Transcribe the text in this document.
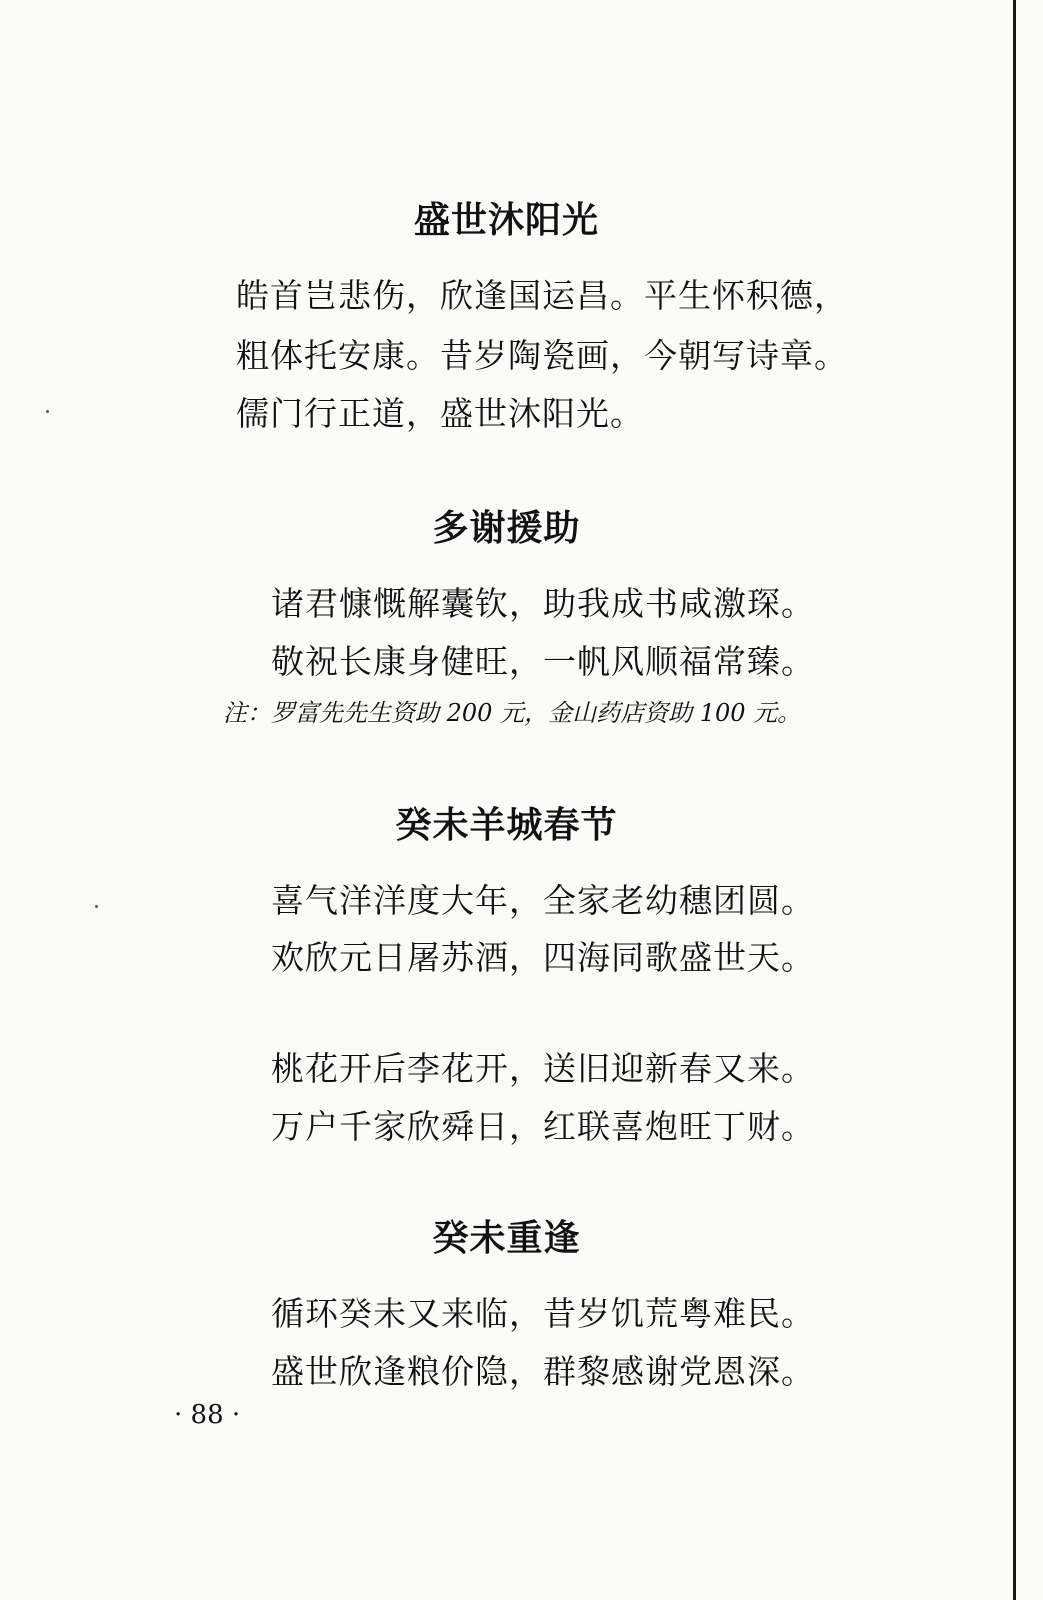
盛世沐阳光

皓首岂悲伤，欣逢国运昌。平生怀积德，

粗体托安康。昔岁陶瓷画，今朝写诗章。

儒门行正道，盛世沐阳光。

多谢援助

诸君慷慨解囊钦，助我成书咸激琛。

敬祝长康身健旺，一帆风顺福常臻。

注：罗富先先生资助 200 元，金山药店资助 100 元。

癸未羊城春节

喜气洋洋度大年，全家老幼穗团圆。

欢欣元日屠苏酒，四海同歌盛世天。

桃花开后李花开，送旧迎新春又来。

万户千家欣舜日，红联喜炮旺丁财。

癸未重逢

循环癸未又来临，昔岁饥荒粤难民。

盛世欣逢粮价隐，群黎感谢党恩深。

· 88 ·
